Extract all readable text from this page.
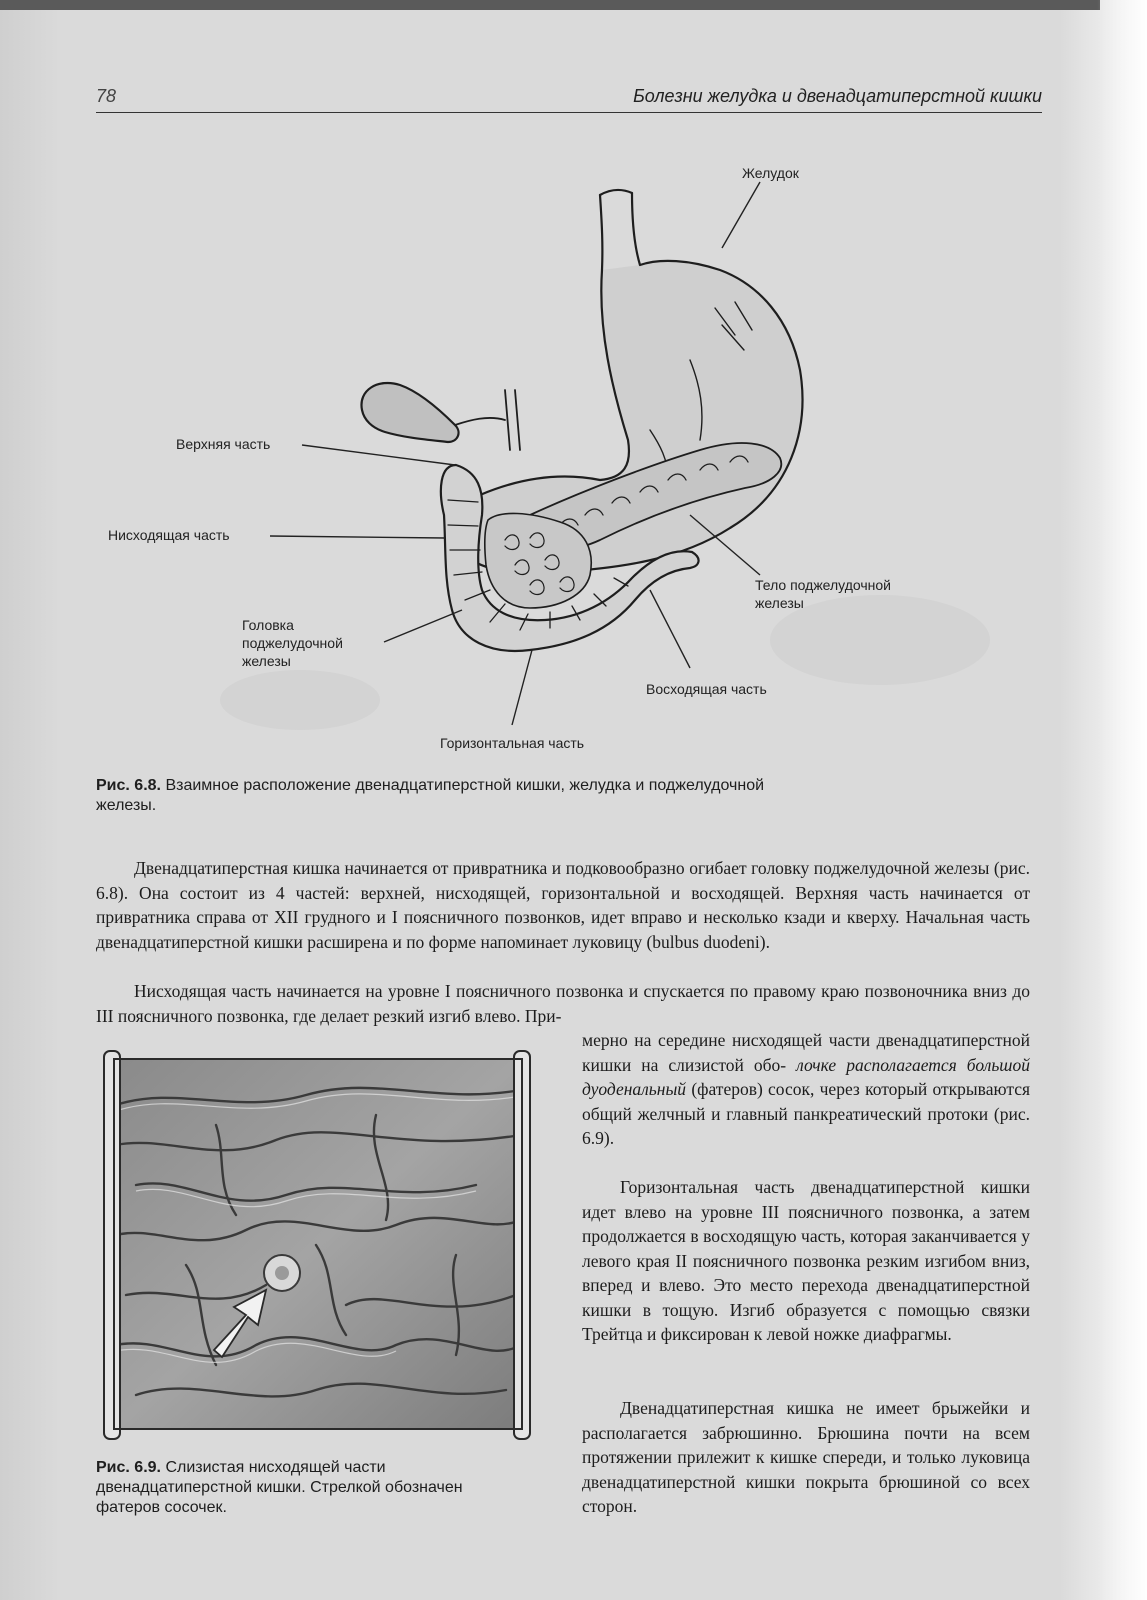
78	Болезни желудка и двенадцатиперстной кишки
Желудок
Верхняя часть
Нисходящая часть
Тело поджелудочной
железы
Головка
поджелудочной
железы
Восходящая часть
Горизонтальная часть
Рис. 6.8. Взаимное расположение двенадцатиперстной кишки, желудка и поджелудочной
железы.
Двенадцатиперстная кишка начинается от привратника и подковообразно огибает головку поджелудочной железы (рис. 6.8). Она состоит из 4 частей: верхней, нисходящей, горизонтальной и восходящей. Верхняя часть начинается от привратника справа от XII грудного и I поясничного позвонков, идет вправо и несколько кзади и кверху. Начальная часть двенадцатиперстной кишки расширена и по форме напоминает луковицу (bulbus duodeni).
Нисходящая часть начинается на уровне I поясничного позвонка и спускается по правому краю позвоночника вниз до III поясничного позвонка, где делает резкий изгиб влево. При-
Рис. 6.9. Слизистая нисходящей части двенадцатиперстной кишки. Стрелкой обозначен фатеров сосочек.
мерно на середине нисходящей части двенадцатиперстной кишки на слизистой обо- лочке располагается большой дуоденальный (фатеров) сосок, через который открываются общий желчный и главный панкреатический протоки (рис. 6.9).
Горизонтальная часть двенадцатиперстной кишки идет влево на уровне III поясничного позвонка, а затем продолжается в восходящую часть, которая заканчивается у левого края II поясничного позвонка резким изгибом вниз, вперед и влево. Это место перехода двенадцатиперстной кишки в тощую. Изгиб образуется с помощью связки Трейтца и фиксирован к левой ножке диафрагмы.
Двенадцатиперстная кишка не имеет брыжейки и располагается забрюшинно. Брюшина почти на всем протяжении прилежит к кишке спереди, и только луковица двенадцатиперстной кишки покрыта брюшиной со всех сторон.
